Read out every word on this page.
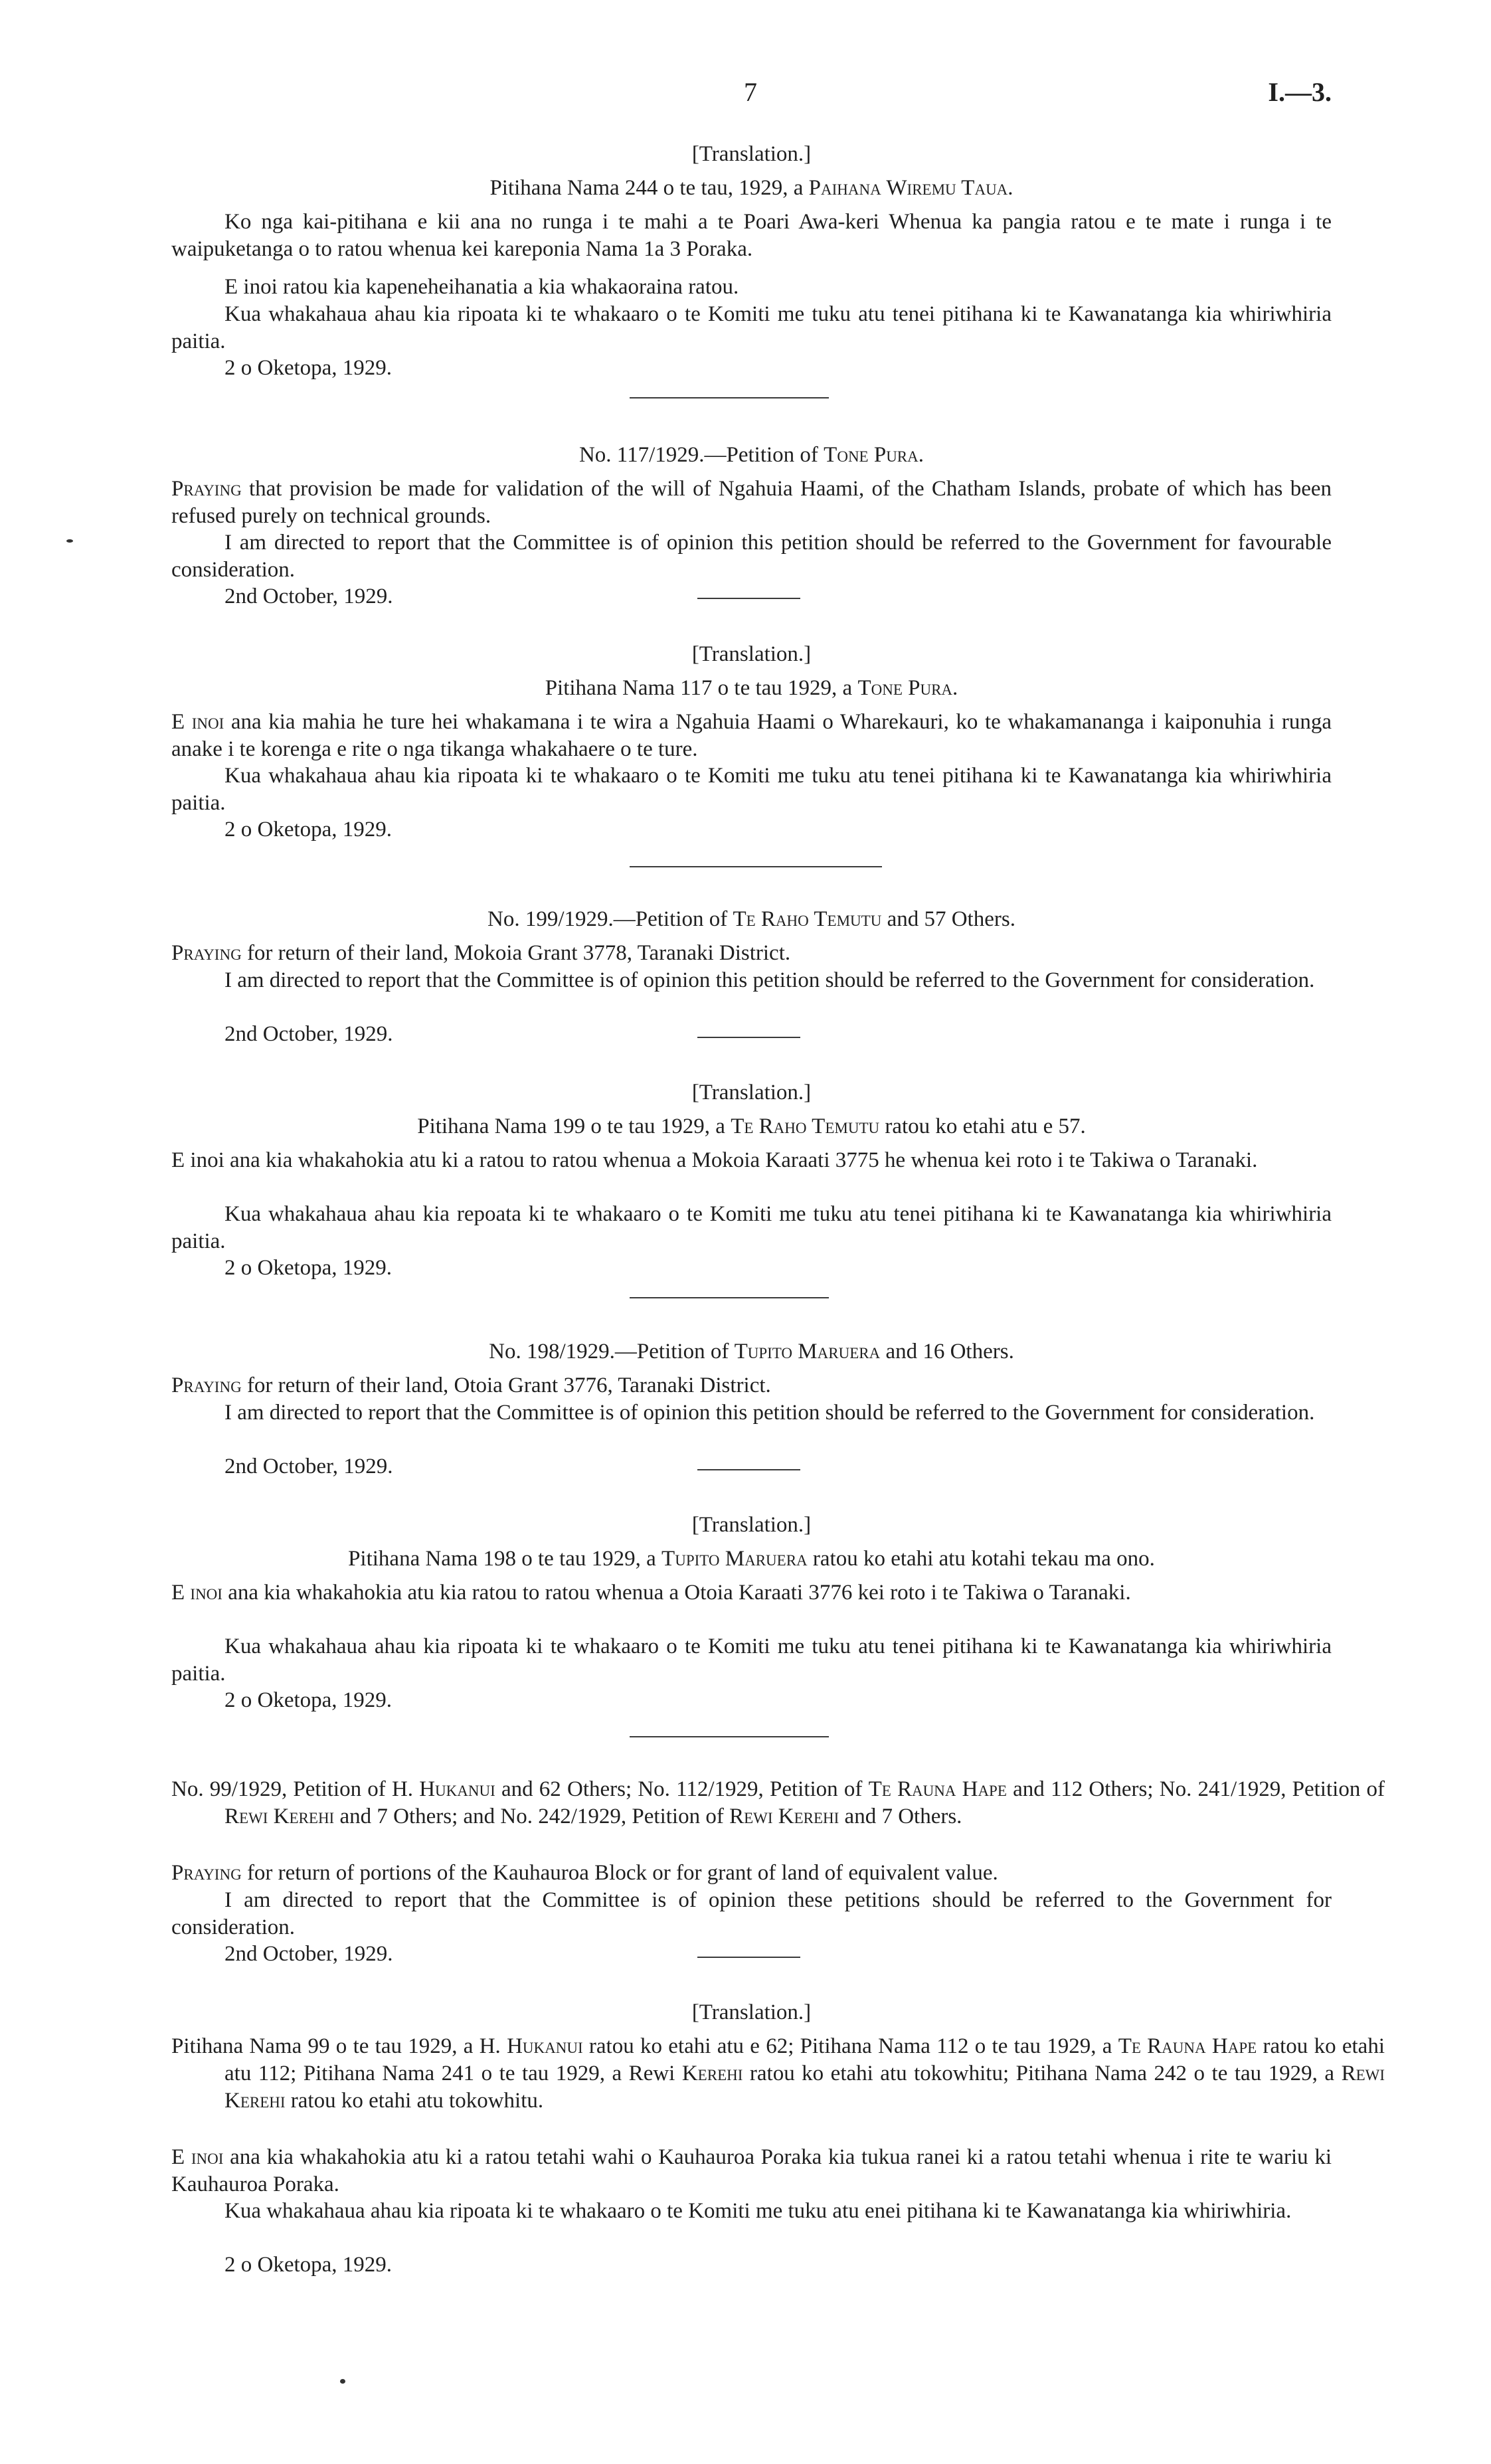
7	I.—3.

[Translation.]

Pitihana Nama 244 o te tau, 1929, a Paihana Wiremu Taua.

Ko nga kai-pitihana e kii ana no runga i te mahi a te Poari Awa-keri Whenua ka pangia ratou e te mate i runga i te waipuketanga o to ratou whenua kei kareponia Nama 1a 3 Poraka.

E inoi ratou kia kapeneheihanatia a kia whakaoraina ratou.

Kua whakahaua ahau kia ripoata ki te whakaaro o te Komiti me tuku atu tenei pitihana ki te Kawanatanga kia whiriwhiria paitia.

2 o Oketopa, 1929.

No. 117/1929.—Petition of Tone Pura.

Praying that provision be made for validation of the will of Ngahuia Haami, of the Chatham Islands, probate of which has been refused purely on technical grounds.

I am directed to report that the Committee is of opinion this petition should be referred to the Government for favourable consideration.

2nd October, 1929.

[Translation.]

Pitihana Nama 117 o te tau 1929, a Tone Pura.

E inoi ana kia mahia he ture hei whakamana i te wira a Ngahuia Haami o Wharekauri, ko te whakamananga i kaiponuhia i runga anake i te korenga e rite o nga tikanga whakahaere o te ture.

Kua whakahaua ahau kia ripoata ki te whakaaro o te Komiti me tuku atu tenei pitihana ki te Kawanatanga kia whiriwhiria paitia.

2 o Oketopa, 1929.

No. 199/1929.—Petition of Te Raho Temutu and 57 Others.

Praying for return of their land, Mokoia Grant 3778, Taranaki District.

I am directed to report that the Committee is of opinion this petition should be referred to the Government for consideration.

2nd October, 1929.

[Translation.]

Pitihana Nama 199 o te tau 1929, a Te Raho Temutu ratou ko etahi atu e 57.

E inoi ana kia whakahokia atu ki a ratou to ratou whenua a Mokoia Karaati 3775 he whenua kei roto i te Takiwa o Taranaki.

Kua whakahaua ahau kia repoata ki te whakaaro o te Komiti me tuku atu tenei pitihana ki te Kawanatanga kia whiriwhiria paitia.

2 o Oketopa, 1929.

No. 198/1929.—Petition of Tupito Maruera and 16 Others.

Praying for return of their land, Otoia Grant 3776, Taranaki District.

I am directed to report that the Committee is of opinion this petition should be referred to the Government for consideration.

2nd October, 1929.

[Translation.]

Pitihana Nama 198 o te tau 1929, a Tupito Maruera ratou ko etahi atu kotahi tekau ma ono.

E inoi ana kia whakahokia atu kia ratou to ratou whenua a Otoia Karaati 3776 kei roto i te Takiwa o Taranaki.

Kua whakahaua ahau kia ripoata ki te whakaaro o te Komiti me tuku atu tenei pitihana ki te Kawanatanga kia whiriwhiria paitia.

2 o Oketopa, 1929.

No. 99/1929, Petition of H. Hukanui and 62 Others; No. 112/1929, Petition of Te Rauna Hape and 112 Others; No. 241/1929, Petition of Rewi Kerehi and 7 Others; and No. 242/1929, Petition of Rewi Kerehi and 7 Others.

Praying for return of portions of the Kauhauroa Block or for grant of land of equivalent value.

I am directed to report that the Committee is of opinion these petitions should be referred to the Government for consideration.

2nd October, 1929.

[Translation.]

Pitihana Nama 99 o te tau 1929, a H. Hukanui ratou ko etahi atu e 62; Pitihana Nama 112 o te tau 1929, a Te Rauna Hape ratou ko etahi atu 112; Pitihana Nama 241 o te tau 1929, a Rewi Kerehi ratou ko etahi atu tokowhitu; Pitihana Nama 242 o te tau 1929, a Rewi Kerehi ratou ko etahi atu tokowhitu.

E inoi ana kia whakahokia atu ki a ratou tetahi wahi o Kauhauroa Poraka kia tukua ranei ki a ratou tetahi whenua i rite te wariu ki Kauhauroa Poraka.

Kua whakahaua ahau kia ripoata ki te whakaaro o te Komiti me tuku atu enei pitihana ki te Kawanatanga kia whiriwhiria.

2 o Oketopa, 1929.
